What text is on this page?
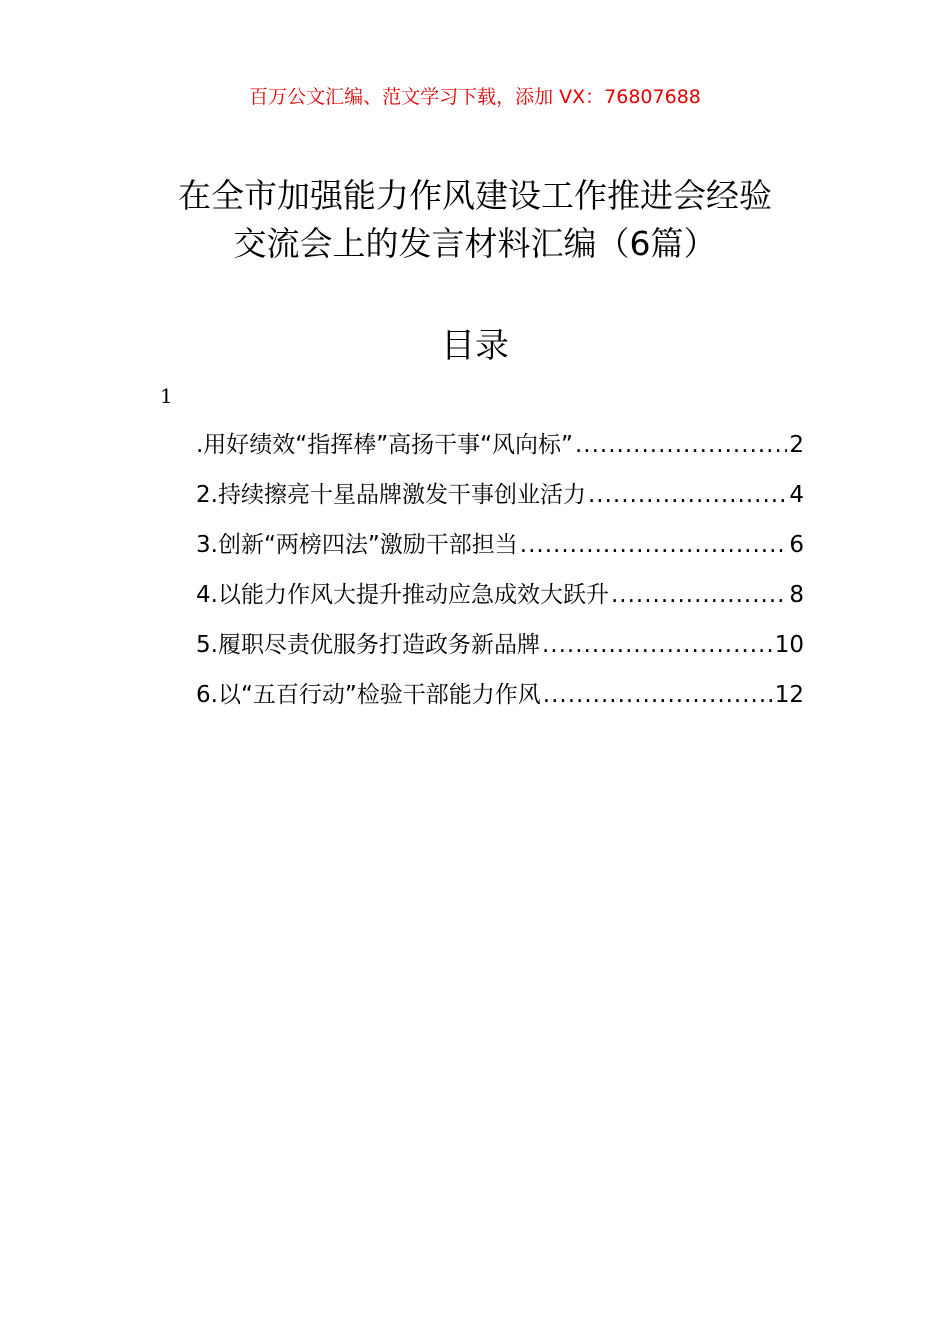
百万公文汇编、范文学习下载，添加 VX：76807688
在全市加强能力作风建设工作推进会经验
交流会上的发言材料汇编（6篇）
目录
1
.用好绩效“指挥棒”高扬干事“风向标” .....	2
2.持续擦亮十星品牌激发干事创业活力 .....	4
3.创新“两榜四法”激励干部担当 .....	6
4.以能力作风大提升推动应急成效大跃升 .....	8
5.履职尽责优服务打造政务新品牌 .....	10
6.以“五百行动”检验干部能力作风 .....	12
